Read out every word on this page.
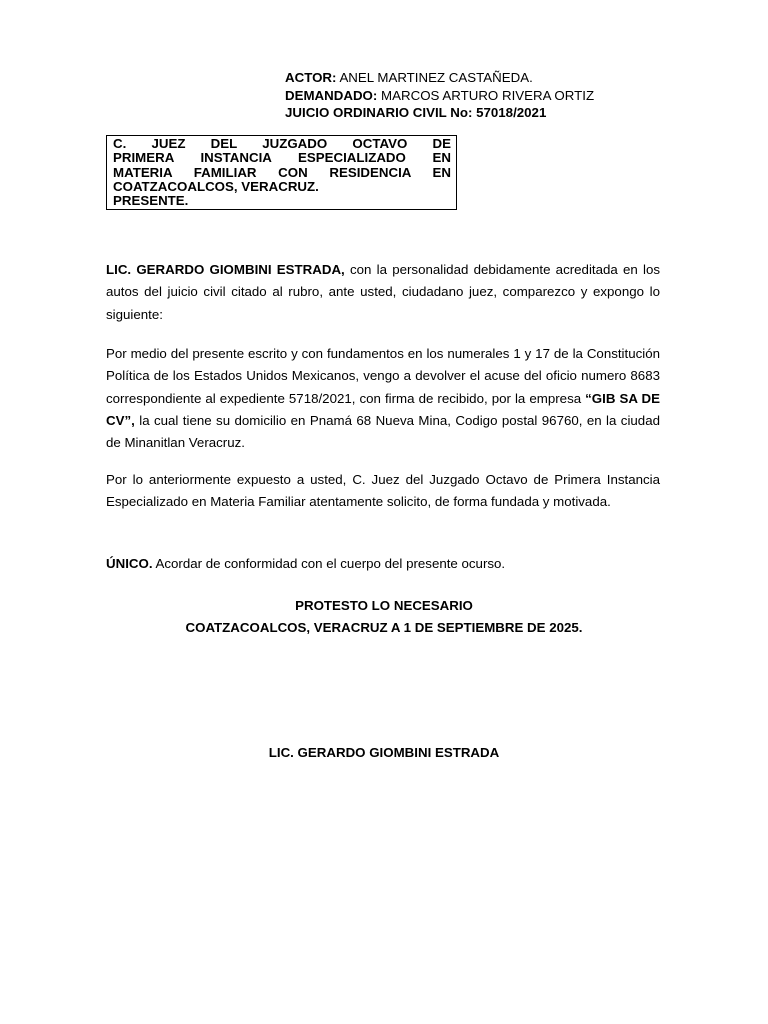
ACTOR: ANEL MARTINEZ CASTAÑEDA.
DEMANDADO: MARCOS ARTURO RIVERA ORTIZ
JUICIO ORDINARIO CIVIL No: 57018/2021
C. JUEZ DEL JUZGADO OCTAVO DE
PRIMERA INSTANCIA ESPECIALIZADO EN
MATERIA FAMILIAR CON RESIDENCIA EN
COATZACOALCOS, VERACRUZ.
PRESENTE.
LIC. GERARDO GIOMBINI ESTRADA, con la personalidad debidamente acreditada en los autos del juicio civil citado al rubro, ante usted, ciudadano juez, comparezco y expongo lo siguiente:
Por medio del presente escrito y con fundamentos en los numerales 1 y 17 de la Constitución Política de los Estados Unidos Mexicanos, vengo a devolver el acuse del oficio numero 8683 correspondiente al expediente 5718/2021, con firma de recibido, por la empresa “GIB SA DE CV”, la cual tiene su domicilio en Pnamá 68 Nueva Mina, Codigo postal 96760, en la ciudad de Minanitlan Veracruz.
Por lo anteriormente expuesto a usted, C. Juez del Juzgado Octavo de Primera Instancia Especializado en Materia Familiar atentamente solicito, de forma fundada y motivada.
ÚNICO. Acordar de conformidad con el cuerpo del presente ocurso.
PROTESTO LO NECESARIO
COATZACOALCOS, VERACRUZ A 1 DE SEPTIEMBRE DE 2025.
LIC. GERARDO GIOMBINI ESTRADA
